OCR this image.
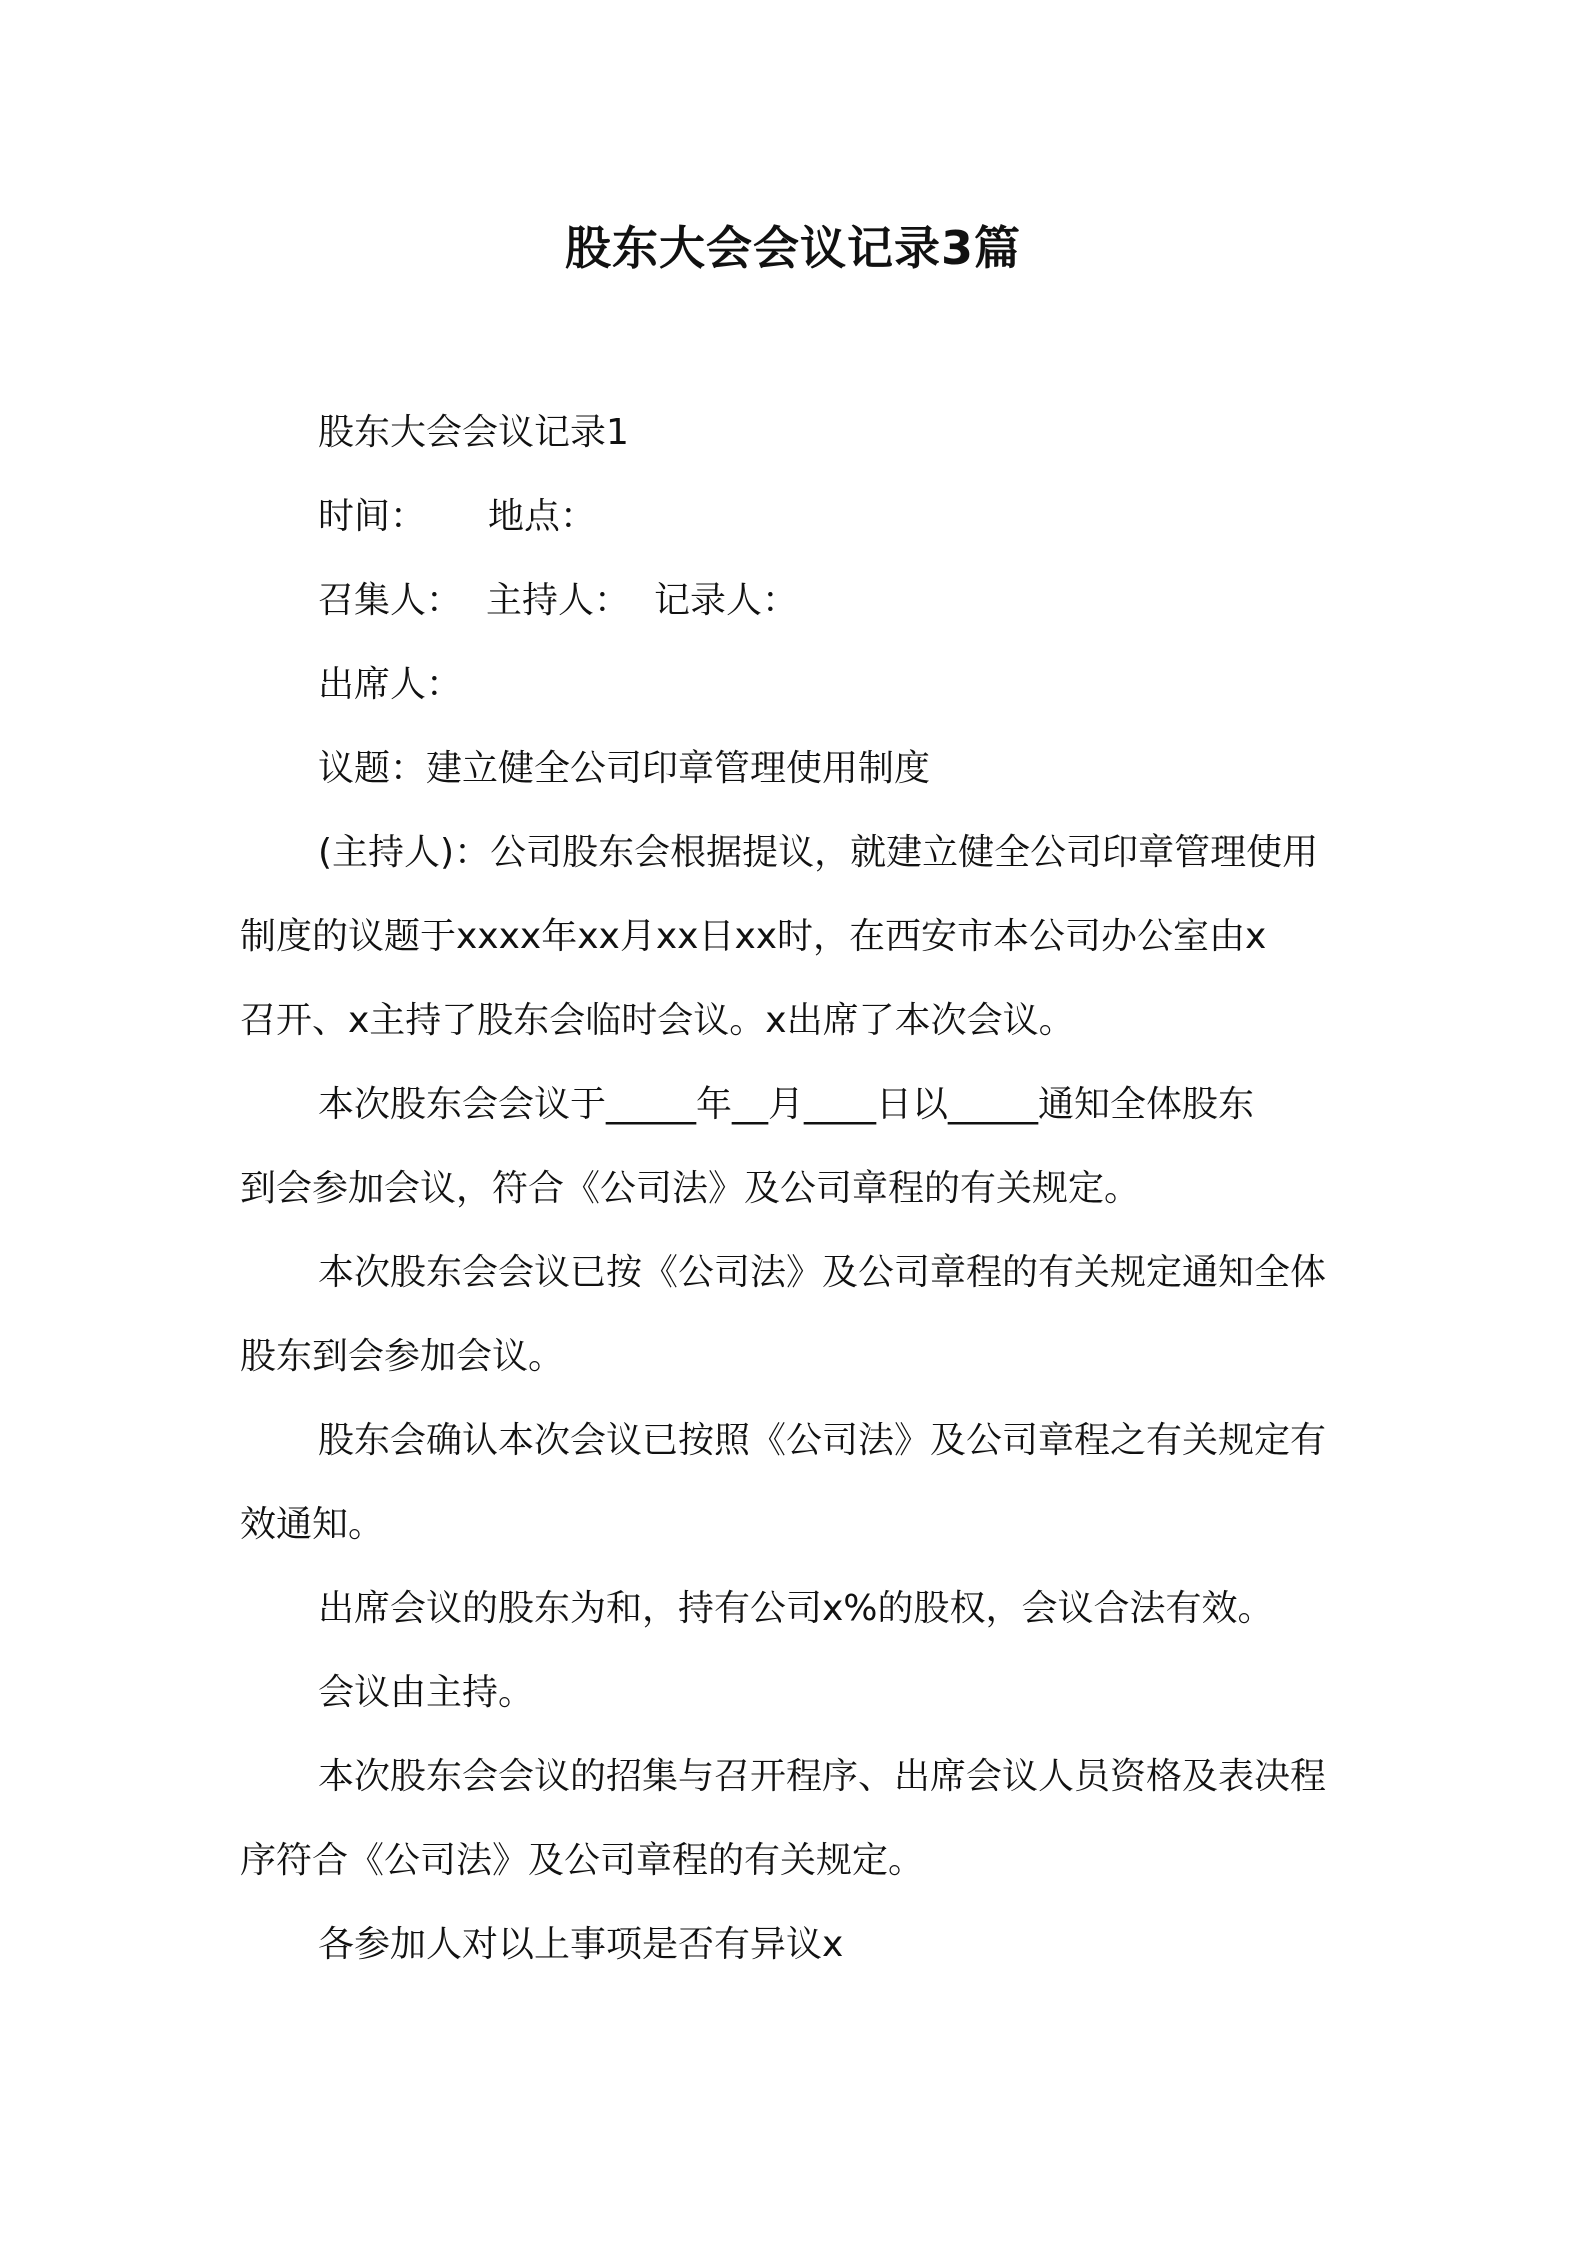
股东大会会议记录3篇
股东大会会议记录1
时间： 地点：
召集人： 主持人： 记录人：
出席人：
议题：建立健全公司印章管理使用制度
(主持人)：公司股东会根据提议，就建立健全公司印章管理使用
制度的议题于xxxx年xx月xx日xx时，在西安市本公司办公室由x
召开、x主持了股东会临时会议。x出席了本次会议。
本次股东会会议于_____年__月____日以_____通知全体股东
到会参加会议，符合《公司法》及公司章程的有关规定。
本次股东会会议已按《公司法》及公司章程的有关规定通知全体
股东到会参加会议。
股东会确认本次会议已按照《公司法》及公司章程之有关规定有
效通知。
出席会议的股东为和，持有公司x%的股权，会议合法有效。
会议由主持。
本次股东会会议的招集与召开程序、出席会议人员资格及表决程
序符合《公司法》及公司章程的有关规定。
各参加人对以上事项是否有异议x
